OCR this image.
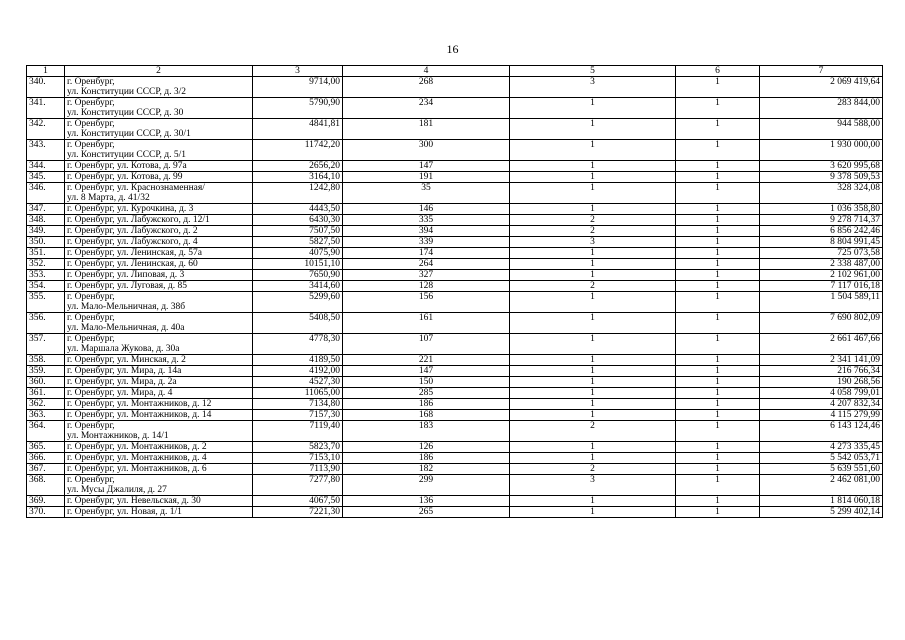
16
1	2	3	4	5	6	7
340.	г. Оренбург,
ул. Конституции СССР, д. 3/2	9714,00	268	3	1	2 069 419,64
341.	г. Оренбург,
ул. Конституции СССР, д. 30	5790,90	234	1	1	283 844,00
342.	г. Оренбург,
ул. Конституции СССР, д. 30/1	4841,81	181	1	1	944 588,00
343.	г. Оренбург,
ул. Конституции СССР, д. 5/1	11742,20	300	1	1	1 930 000,00
344.	г. Оренбург, ул. Котова, д. 97а	2656,20	147	1	1	3 620 995,68
345.	г. Оренбург, ул. Котова, д. 99	3164,10	191	1	1	9 378 509,53
346.	г. Оренбург, ул. Краснознаменная/
ул. 8 Марта, д. 41/32	1242,80	35	1	1	328 324,08
347.	г. Оренбург, ул. Курочкина, д. 3	4443,50	146	1	1	1 036 358,80
348.	г. Оренбург, ул. Лабужского, д. 12/1	6430,30	335	2	1	9 278 714,37
349.	г. Оренбург, ул. Лабужского, д. 2	7507,50	394	2	1	6 856 242,46
350.	г. Оренбург, ул. Лабужского, д. 4	5827,50	339	3	1	8 804 991,45
351.	г. Оренбург, ул. Ленинская, д. 57а	4075,90	174	1	1	725 073,58
352.	г. Оренбург, ул. Ленинская, д. 60	10151,10	264	1	1	2 338 487,00
353.	г. Оренбург, ул. Липовая, д. 3	7650,90	327	1	1	2 102 961,00
354.	г. Оренбург, ул. Луговая, д. 85	3414,60	128	2	1	7 117 016,18
355.	г. Оренбург,
ул. Мало-Мельничная, д. 38б	5299,60	156	1	1	1 504 589,11
356.	г. Оренбург,
ул. Мало-Мельничная, д. 40а	5408,50	161	1	1	7 690 802,09
357.	г. Оренбург,
ул. Маршала Жукова, д. 30а	4778,30	107	1	1	2 661 467,66
358.	г. Оренбург, ул. Минская, д. 2	4189,50	221	1	1	2 341 141,09
359.	г. Оренбург, ул. Мира, д. 14а	4192,00	147	1	1	216 766,34
360.	г. Оренбург, ул. Мира, д. 2а	4527,30	150	1	1	190 268,56
361.	г. Оренбург, ул. Мира, д. 4	11065,00	285	1	1	4 058 799,01
362.	г. Оренбург, ул. Монтажников, д. 12	7134,80	186	1	1	4 207 832,34
363.	г. Оренбург, ул. Монтажников, д. 14	7157,30	168	1	1	4 115 279,99
364.	г. Оренбург,
ул. Монтажников, д. 14/1	7119,40	183	2	1	6 143 124,46
365.	г. Оренбург, ул. Монтажников, д. 2	5823,70	126	1	1	4 273 335,45
366.	г. Оренбург, ул. Монтажников, д. 4	7153,10	186	1	1	5 542 053,71
367.	г. Оренбург, ул. Монтажников, д. 6	7113,90	182	2	1	5 639 551,60
368.	г. Оренбург,
ул. Мусы Джалиля, д. 27	7277,80	299	3	1	2 462 081,00
369.	г. Оренбург, ул. Невельская, д. 30	4067,50	136	1	1	1 814 060,18
370.	г. Оренбург, ул. Новая, д. 1/1	7221,30	265	1	1	5 299 402,14
